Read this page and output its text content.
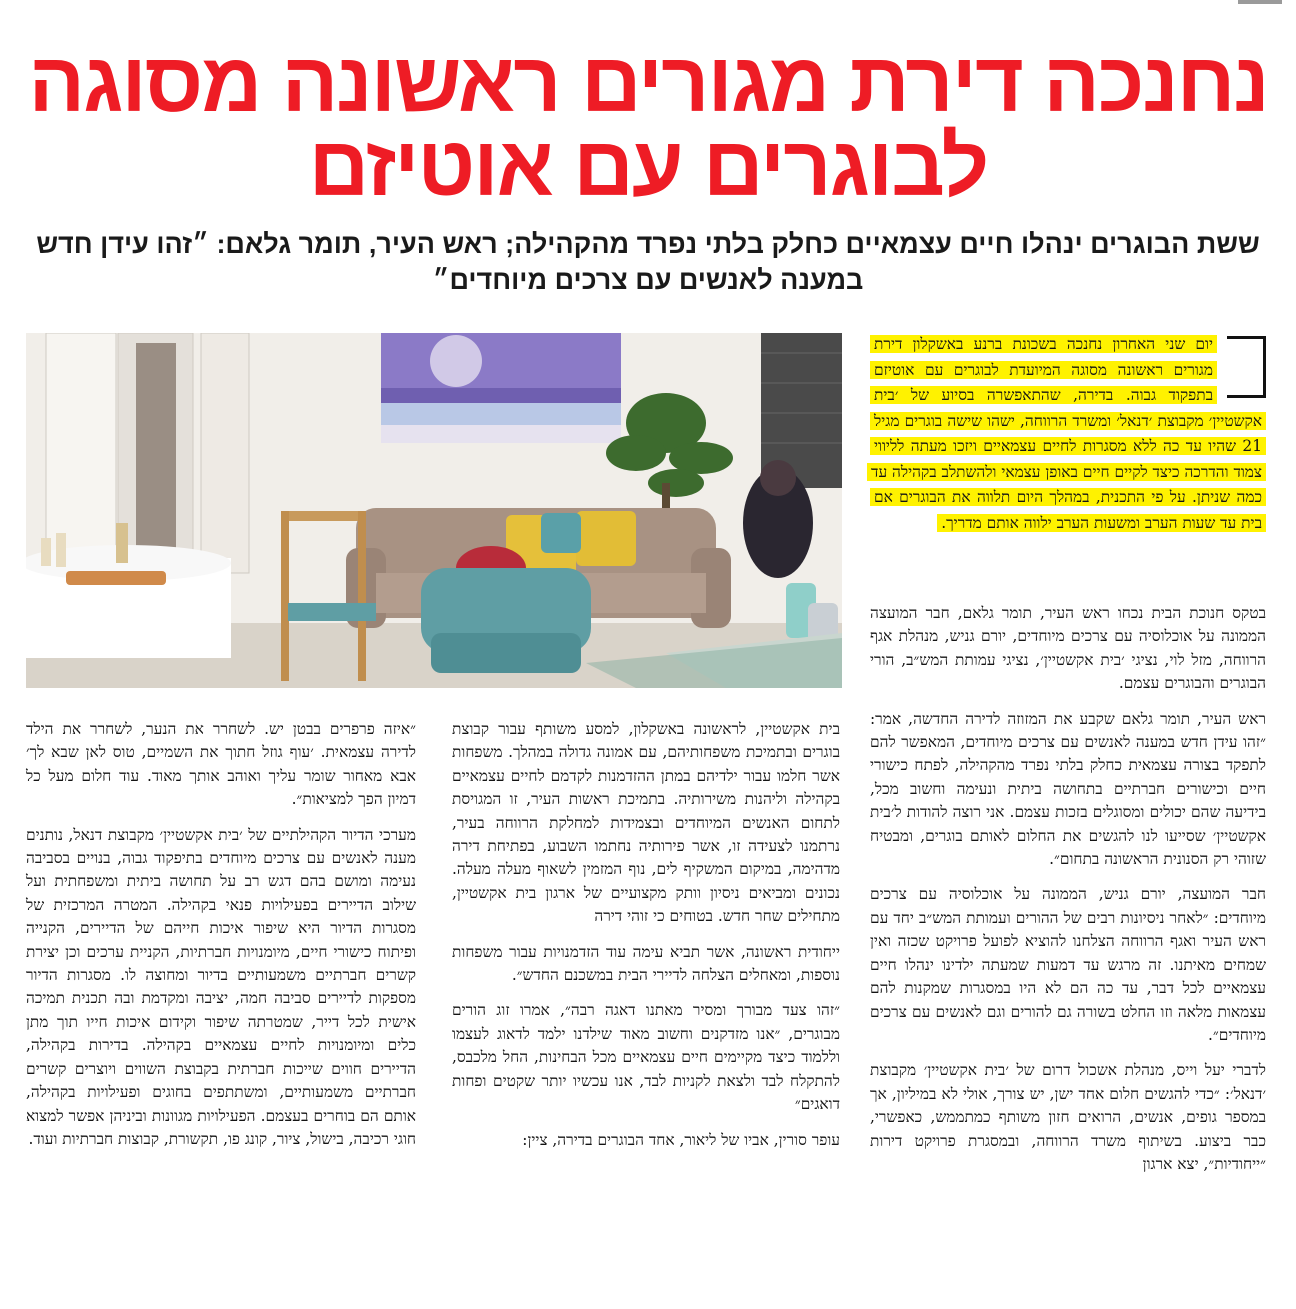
נחנכה דירת מגורים ראשונה מסוגה לבוגרים עם אוטיזם
ששת הבוגרים ינהלו חיים עצמאיים כחלק בלתי נפרד מהקהילה; ראש העיר, תומר גלאם: ״זהו עידן חדש במענה לאנשים עם צרכים מיוחדים״
יום שני האחרון נחנכה בשכונת ברנע באשקלון דירת מגורים ראשונה מסוגה המיועדת לבוגרים עם אוטיזם בתפקוד גבוה. בדירה, שהתאפשרה בסיוע של ׳בית אקשטיין׳ מקבוצת ׳דנאל׳ ומשרד הרווחה, ישהו שישה בוגרים מגיל 21 שהיו עד כה ללא מסגרות לחיים עצמאיים ויזכו מעתה לליווי צמוד והדרכה כיצד לקיים חיים באופן עצמאי ולהשתלב בקהילה עד כמה שניתן. על פי התכנית, במהלך היום תלווה את הבוגרים אם בית עד שעות הערב ומשעות הערב ילווה אותם מדריך.

בטקס חנוכת הבית נכחו ראש העיר, תומר גלאם, חבר המועצה הממונה על אוכלוסיה עם צרכים מיוחדים, יורם גניש, מנהלת אגף הרווחה, מזל לוי, נציגי ׳בית אקשטיין׳, נציגי עמותת המש״ב, הורי הבוגרים והבוגרים עצמם.

ראש העיר, תומר גלאם שקבע את המזוזה לדירה החדשה, אמר: ״זהו עידן חדש במענה לאנשים עם צרכים מיוחדים, המאפשר להם לתפקד בצורה עצמאית כחלק בלתי נפרד מהקהילה, לפתח כישורי חיים וכישורים חברתיים בתחושה ביתית ונעימה וחשוב מכל, בידיעה שהם יכולים ומסוגלים בזכות עצמם. אני רוצה להודות ל׳בית אקשטיין׳ שסייעו לנו להגשים את החלום לאותם בוגרים, ומבטיח שזוהי רק הסנונית הראשונה בתחום״.

חבר המועצה, יורם גניש, הממונה על אוכלוסיה עם צרכים מיוחדים: ״לאחר ניסיונות רבים של ההורים ועמותת המש״ב יחד עם ראש העיר ואגף הרווחה הצלחנו להוציא לפועל פרויקט שכזה ואין שמחים מאיתנו. זה מרגש עד דמעות שמעתה ילדינו ינהלו חיים עצמאיים לכל דבר, עד כה הם לא היו במסגרות שמקנות להם עצמאות מלאה וזו החלט בשורה גם להורים וגם לאנשים עם צרכים מיוחדים״.

לדברי יעל וייס, מנהלת אשכול דרום של ׳בית אקשטיין׳ מקבוצת ׳דנאל׳: ״כדי להגשים חלום אחד ישן, יש צורך, אולי לא במיליון, אך במספר גופים, אנשים, הרואים חזון משותף כמתממש, כאפשרי, כבר ביצוע. בשיתוף משרד הרווחה, ובמסגרת פרויקט דירות ״ייחודיות״, יצא ארגון

בית אקשטיין, לראשונה באשקלון, למסע משותף עבור קבוצת בוגרים ובתמיכת משפחותיהם, עם אמונה גדולה במהלך. משפחות אשר חלמו עבור ילדיהם במתן ההזדמנות לקדמם לחיים עצמאיים בקהילה וליהנות משירותיה. בתמיכת ראשות העיר, זו המגויסת לתחום האנשים המיוחדים ובצמידות למחלקת הרווחה בעיר, נרתמנו לצעידה זו, אשר פירותיה נחתמו השבוע, בפתיחת דירה מדהימה, במיקום המשקיף לים, נוף המזמין לשאוף מעלה מעלה. נכונים ומביאים ניסיון וותק מקצועיים של ארגון בית אקשטיין, מתחילים שחר חדש. בטוחים כי זוהי דירה

ייחודית ראשונה, אשר תביא עימה עוד הזדמנויות עבור משפחות נוספות, ומאחלים הצלחה לדיירי הבית במשכנם החדש״.

״זהו צעד מבורך ומסיר מאתנו דאגה רבה״, אמרו זוג הורים מבוגרים, ״אנו מזדקנים וחשוב מאוד שילדנו ילמד לדאוג לעצמו וללמוד כיצד מקיימים חיים עצמאיים מכל הבחינות, החל מלכבס, להתקלח לבד ולצאת לקניות לבד, אנו עכשיו יותר שקטים ופחות דואגים״

עופר סורין, אביו של ליאור, אחד הבוגרים בדירה, ציין:

״איזה פרפרים בבטן יש. לשחרר את הנער, לשחרר את הילד לדירה עצמאית. ׳עוף גוזל חתוך את השמיים, טוס לאן שבא לך׳ אבא מאחור שומר עליך ואוהב אותך מאוד. עוד חלום מעל כל דמיון הפך למציאות״.

מערכי הדיור הקהילתיים של ׳בית אקשטיין׳ מקבוצת דנאל, נותנים מענה לאנשים עם צרכים מיוחדים בתיפקוד גבוה, בנויים בסביבה נעימה ומושם בהם דגש רב על תחושה ביתית ומשפחתית ועל שילוב הדיירים בפעילויות פנאי בקהילה. המטרה המרכזית של מסגרות הדיור היא שיפור איכות חייהם של הדיירים, הקנייה ופיתוח כישורי חיים, מיומנויות חברתיות, הקניית ערכים וכן יצירת קשרים חברתיים משמעותיים בדיור ומחוצה לו. מסגרות הדיור מספקות לדיירים סביבה חמה, יציבה ומקדמת ובה תכנית תמיכה אישית לכל דייר, שמטרתה שיפור וקידום איכות חייו תוך מתן כלים ומיומנויות לחיים עצמאיים בקהילה. בדירות בקהילה, הדיירים חווים שייכות חברתית בקבוצת השווים ויוצרים קשרים חברתיים משמעותיים, ומשתתפים בחוגים ופעילויות בקהילה, אותם הם בוחרים בעצמם. הפעילויות מגוונות וביניהן אפשר למצוא חוגי רכיבה, בישול, ציור, קונג פו, תקשורת, קבוצות חברתיות ועוד.
